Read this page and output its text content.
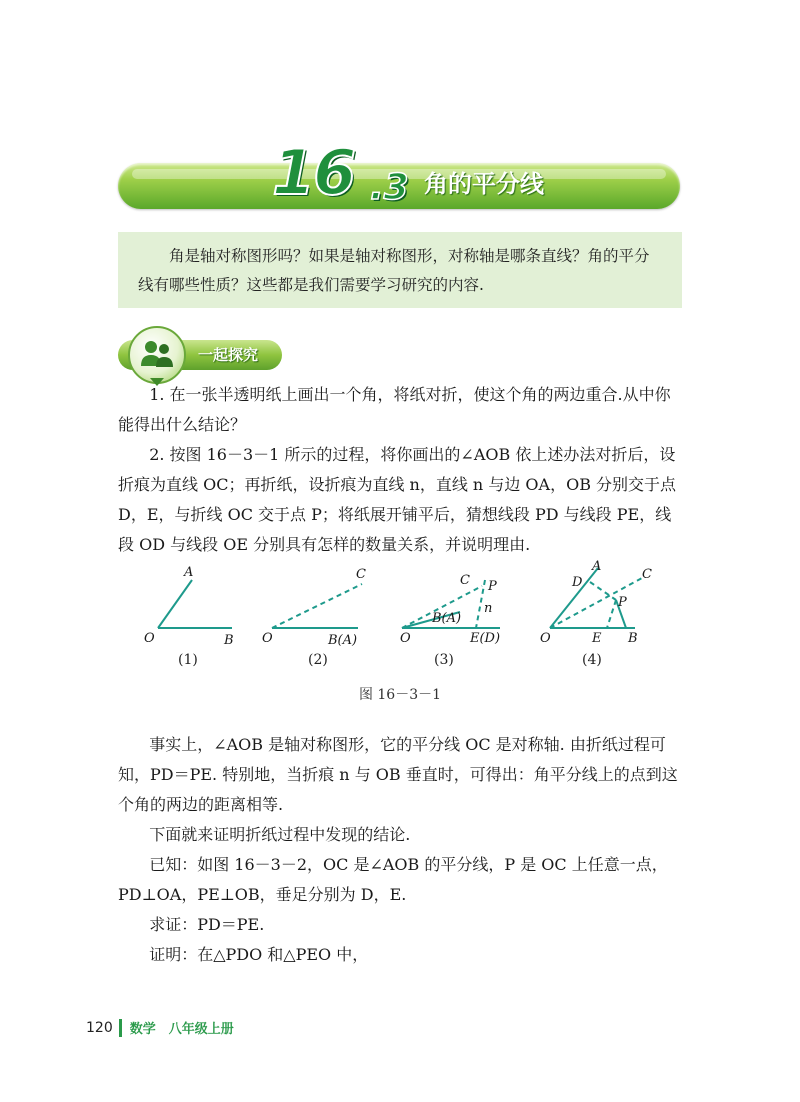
16 .3 角的平分线

角是轴对称图形吗？如果是轴对称图形，对称轴是哪条直线？角的平分线有哪些性质？这些都是我们需要学习研究的内容.

一起探究

1. 在一张半透明纸上画出一个角，将纸对折，使这个角的两边重合.从中你能得出什么结论？

2. 按图 16－3－1 所示的过程，将你画出的∠AOB 依上述办法对折后，设折痕为直线 OC；再折纸，设折痕为直线 n，直线 n 与边 OA，OB 分别交于点 D，E，与折线 OC 交于点 P；将纸展开铺平后，猜想线段 PD 与线段 PE，线段 OD 与线段 OE 分别具有怎样的数量关系，并说明理由.

A
O	B
C
O	B(A)
C P
n
B(A)
O	E(D)
D
A
C
P
O	E B
(1)	(2)	(3)	(4)
图 16－3－1

事实上，∠AOB 是轴对称图形，它的平分线 OC 是对称轴. 由折纸过程可知，PD＝PE. 特别地，当折痕 n 与 OB 垂直时，可得出：角平分线上的点到这个角的两边的距离相等.

下面就来证明折纸过程中发现的结论.

已知：如图 16－3－2，OC 是∠AOB 的平分线，P 是 OC 上任意一点，PD⊥OA，PE⊥OB，垂足分别为 D，E.

求证：PD＝PE.

证明：在△PDO 和△PEO 中，

120 数学　八年级上册
